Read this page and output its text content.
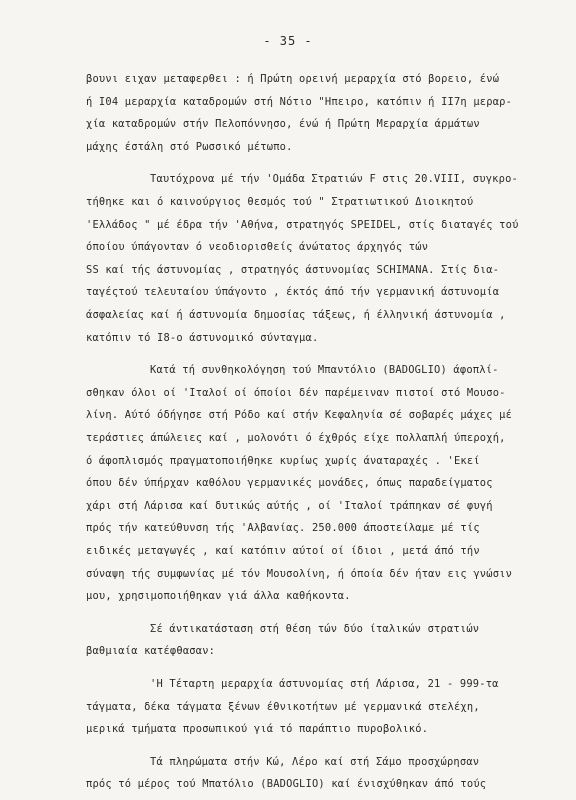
- 35 -
βουνι ειχαν μεταφερθει : ή Πρώτη ορεινή μεραρχία στό βορειο, ένώ
ή Ι04 μεραρχία καταδρομών στή Νότιο "Ηπειρο, κατόπιν ή ΙΙ7η μεραρ-
χία καταδρομών στήν Πελοπόννησο, ένώ ή Πρώτη Μεραρχία άρμάτων
μάχης έστάλη στό Ρωσσικό μέτωπο.
Ταυτόχρονα μέ τήν 'Ομάδα Στρατιών F στις 20.VIII, συγκρο-
τήθηκε και ό καινούργιος θεσμός τού " Στρατιωτικού Διοικητού
'Ελλάδος " μέ έδρα τήν 'Αθήνα, στρατηγός SPEIDEL, στίς διαταγές τού
όποίου ύπάγονταν ό νεοδιορισθείς άνώτατος άρχηγός τών
SS καί τής άστυνομίας , στρατηγός άστυνομίας SCHIMANA. Στίς δια-
ταγέςτού τελευταίου ύπάγοντο , έκτός άπό τήν γερμανική άστυνομία
άσφαλείας καί ή άστυνομία δημοσίας τάξεως, ή έλληνική άστυνομία ,
κατόπιν τό Ι8-ο άστυνομικό σύνταγμα.
Κατά τή συνθηκολόγηση τού Μπαντόλιο (BADOGLIO) άφοπλί-
σθηκαν όλοι οί 'Ιταλοί οί όποίοι δέν παρέμειναν πιστοί στό Μουσο-
λίνη. Αύτό όδήγησε στή Ρόδο καί στήν Κεφαληνία σέ σοβαρές μάχες μέ
τεράστιες άπώλειες καί , μολονότι ό έχθρός είχε πολλαπλή ύπεροχή,
ό άφοπλισμός πραγματοποιήθηκε κυρίως χωρίς άναταραχές . 'Εκεί
όπου δέν ύπήρχαν καθόλου γερμανικές μονάδες, όπως παραδείγματος
χάρι στή Λάρισα καί δυτικώς αύτής , οί 'Ιταλοί τράπηκαν σέ φυγή
πρός τήν κατεύθυνση τής 'Αλβανίας. 250.000 άποστείλαμε μέ τίς
ειδικές μεταγωγές , καί κατόπιν αύτοί οί ίδιοι , μετά άπό τήν
σύναψη τής συμφωνίας μέ τόν Μουσολίνη, ή όποία δέν ήταν εις γνώσιν
μου, χρησιμοποιήθηκαν γιά άλλα καθήκοντα.
Σέ άντικατάσταση στή θέση τών δύο ίταλικών στρατιών
βαθμιαία κατέφθασαν:
'Η Τέταρτη μεραρχία άστυνομίας στή Λάρισα, 21 - 999-τα
τάγματα, δέκα τάγματα ξένων έθνικοτήτων μέ γερμανικά στελέχη,
μερικά τμήματα προσωπικού γιά τό παράπτιο πυροβολικό.
Τά πληρώματα στήν Κώ, Λέρο καί στή Σάμο προσχώρησαν
πρός τό μέρος τού Μπατόλιο (BADOGLIO) καί ένισχύθηκαν άπό τούς
